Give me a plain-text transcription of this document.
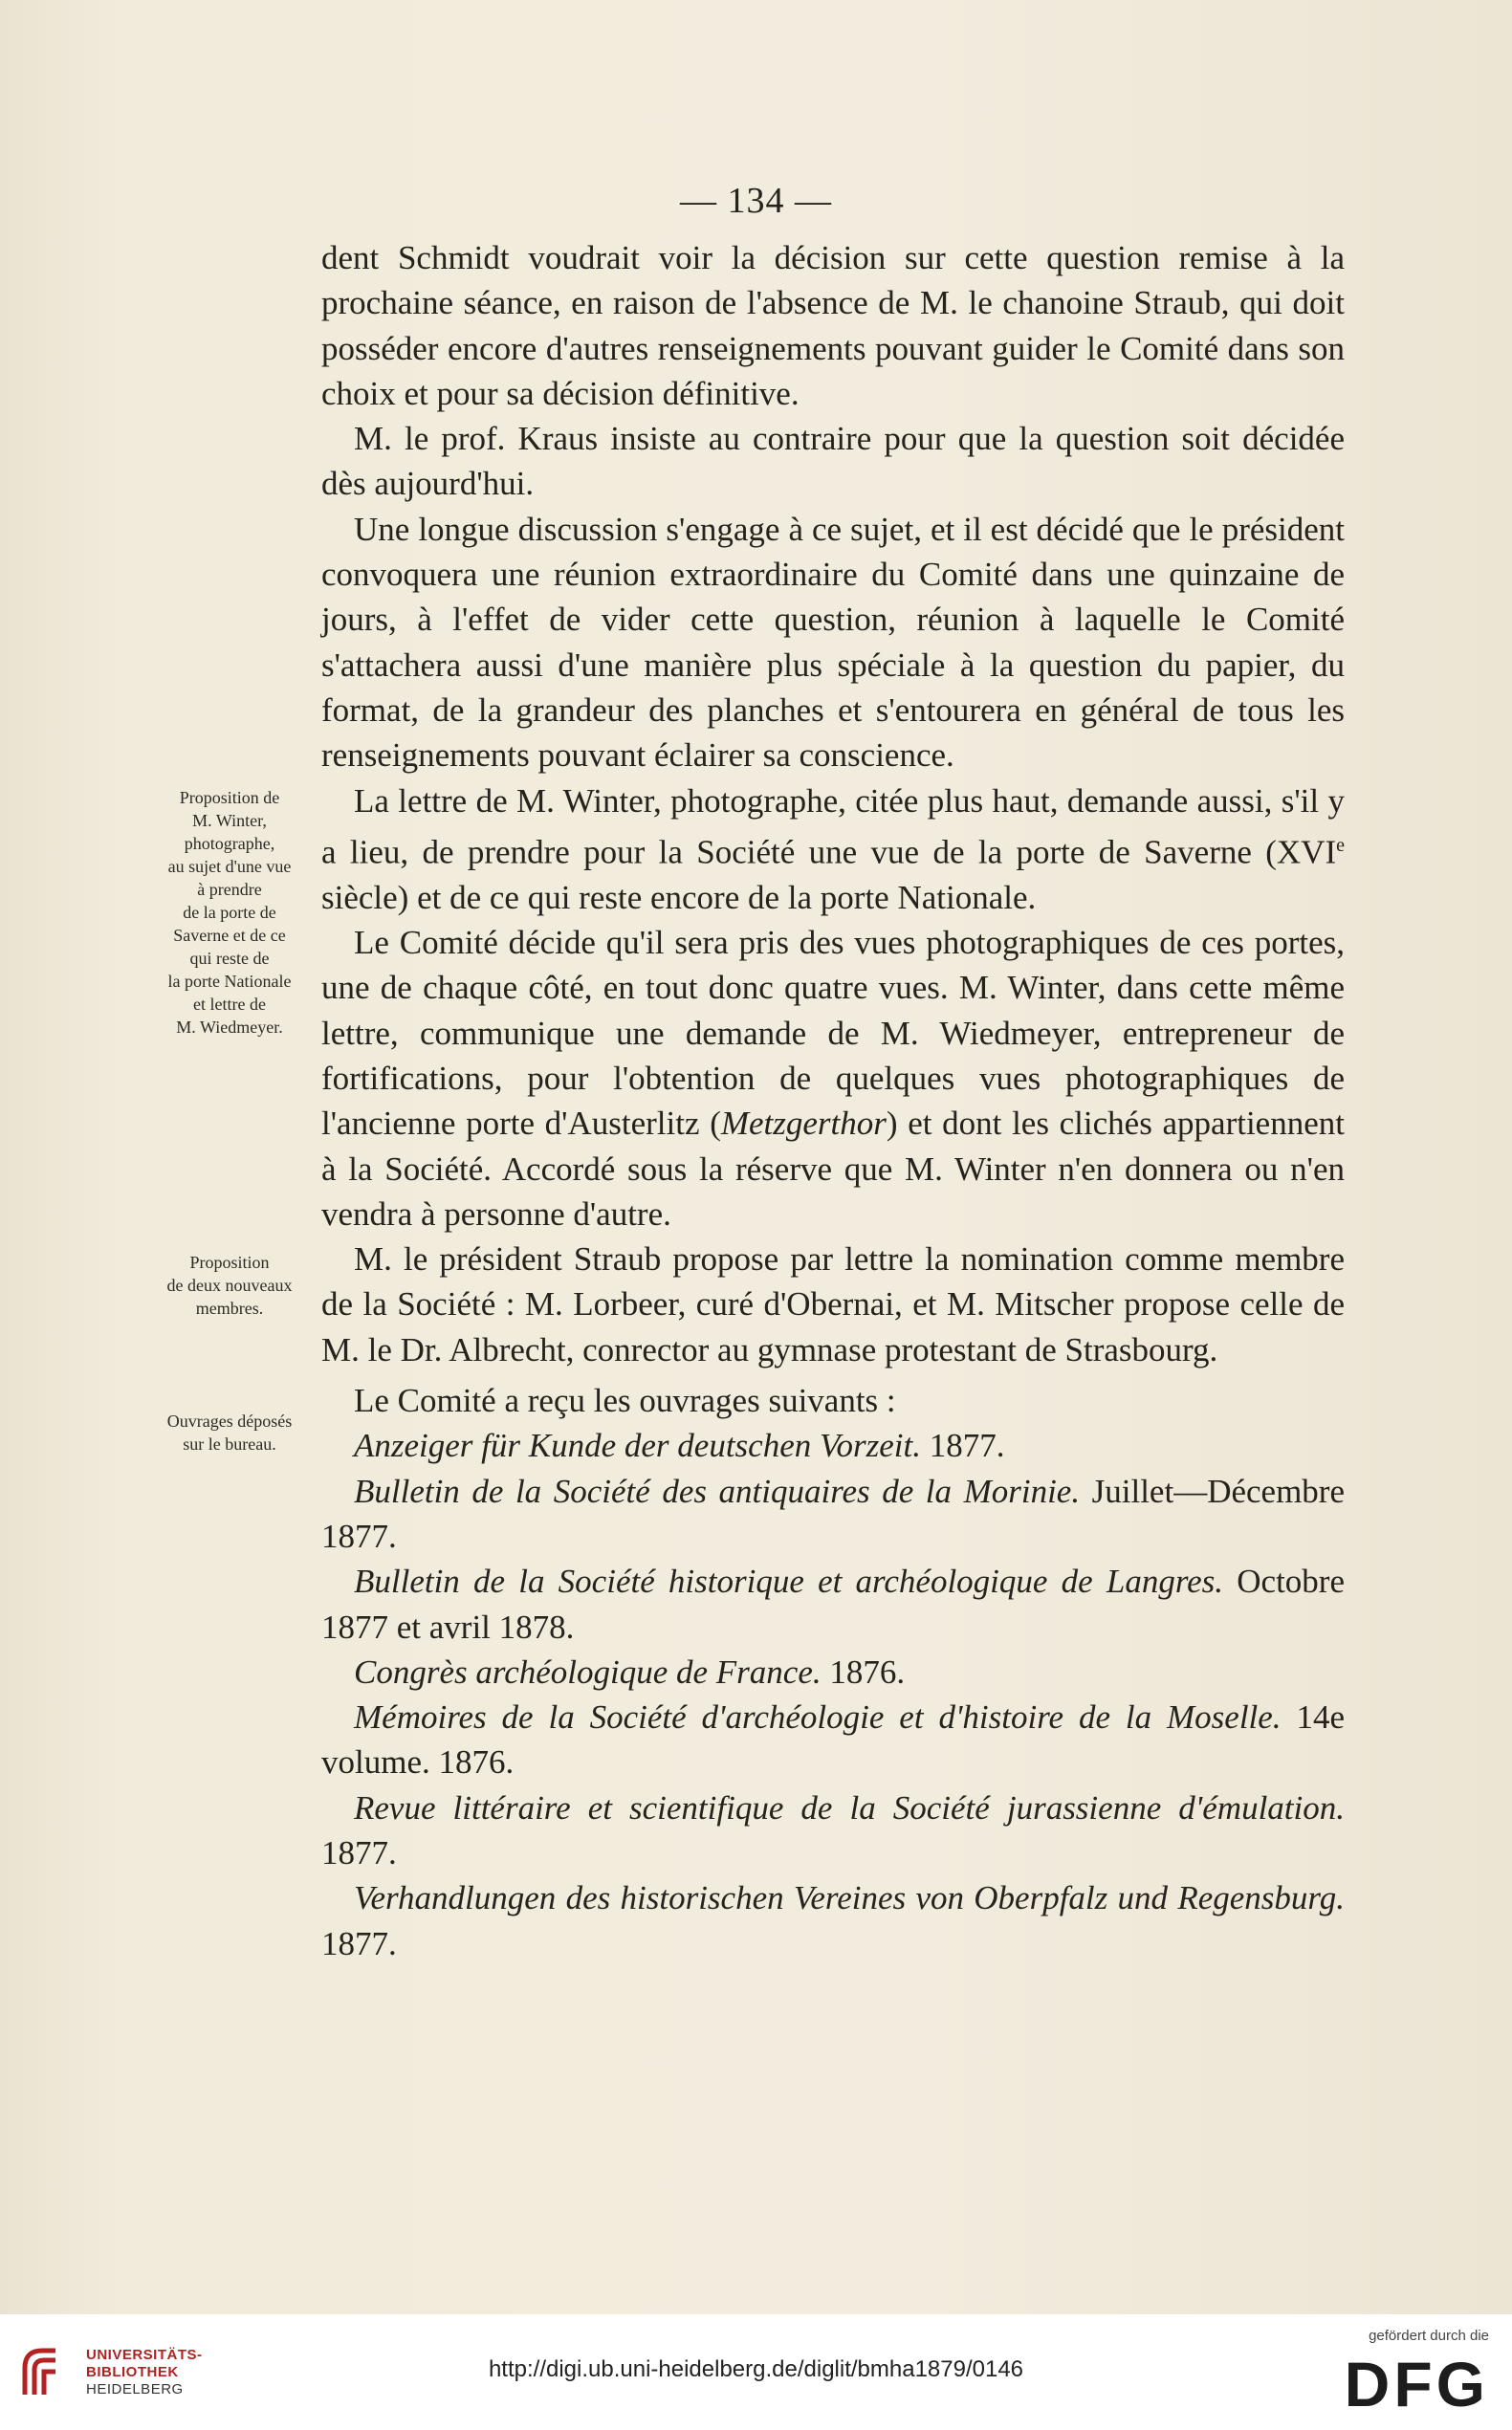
— 134 —
Proposition de
M. Winter,
photographe,
au sujet d'une vue
à prendre
de la porte de
Saverne et de ce
qui reste de
la porte Nationale
et lettre de
M. Wiedmeyer.
Proposition
de deux nouveaux
membres.
Ouvrages déposés
sur le bureau.

dent Schmidt voudrait voir la décision sur cette question remise à la prochaine séance, en raison de l'absence de M. le chanoine Straub, qui doit posséder encore d'autres renseignements pouvant guider le Comité dans son choix et pour sa décision définitive.

M. le prof. Kraus insiste au contraire pour que la question soit décidée dès aujourd'hui.

Une longue discussion s'engage à ce sujet, et il est décidé que le président convoquera une réunion extraordinaire du Comité dans une quinzaine de jours, à l'effet de vider cette question, réunion à laquelle le Comité s'attachera aussi d'une manière plus spéciale à la question du papier, du format, de la grandeur des planches et s'entourera en général de tous les renseignements pouvant éclairer sa conscience.

La lettre de M. Winter, photographe, citée plus haut, demande aussi, s'il y a lieu, de prendre pour la Société une vue de la porte de Saverne (XVIe siècle) et de ce qui reste encore de la porte Nationale.

Le Comité décide qu'il sera pris des vues photographiques de ces portes, une de chaque côté, en tout donc quatre vues. M. Winter, dans cette même lettre, communique une demande de M. Wiedmeyer, entrepreneur de fortifications, pour l'obtention de quelques vues photographiques de l'ancienne porte d'Austerlitz (Metzgerthor) et dont les clichés appartiennent à la Société. Accordé sous la réserve que M. Winter n'en donnera ou n'en vendra à personne d'autre.

M. le président Straub propose par lettre la nomination comme membre de la Société : M. Lorbeer, curé d'Obernai, et M. Mitscher propose celle de M. le Dr. Albrecht, conrector au gymnase protestant de Strasbourg.

Le Comité a reçu les ouvrages suivants :

Anzeiger für Kunde der deutschen Vorzeit. 1877.

Bulletin de la Société des antiquaires de la Morinie. Juillet—Décembre 1877.

Bulletin de la Société historique et archéologique de Langres. Octobre 1877 et avril 1878.

Congrès archéologique de France. 1876.

Mémoires de la Société d'archéologie et d'histoire de la Moselle. 14e volume. 1876.

Revue littéraire et scientifique de la Société jurassienne d'émulation. 1877.

Verhandlungen des historischen Vereines von Oberpfalz und Regensburg. 1877.

UNIVERSITÄTS-
BIBLIOTHEK
HEIDELBERG
http://digi.ub.uni-heidelberg.de/diglit/bmha1879/0146
gefördert durch die
DFG
